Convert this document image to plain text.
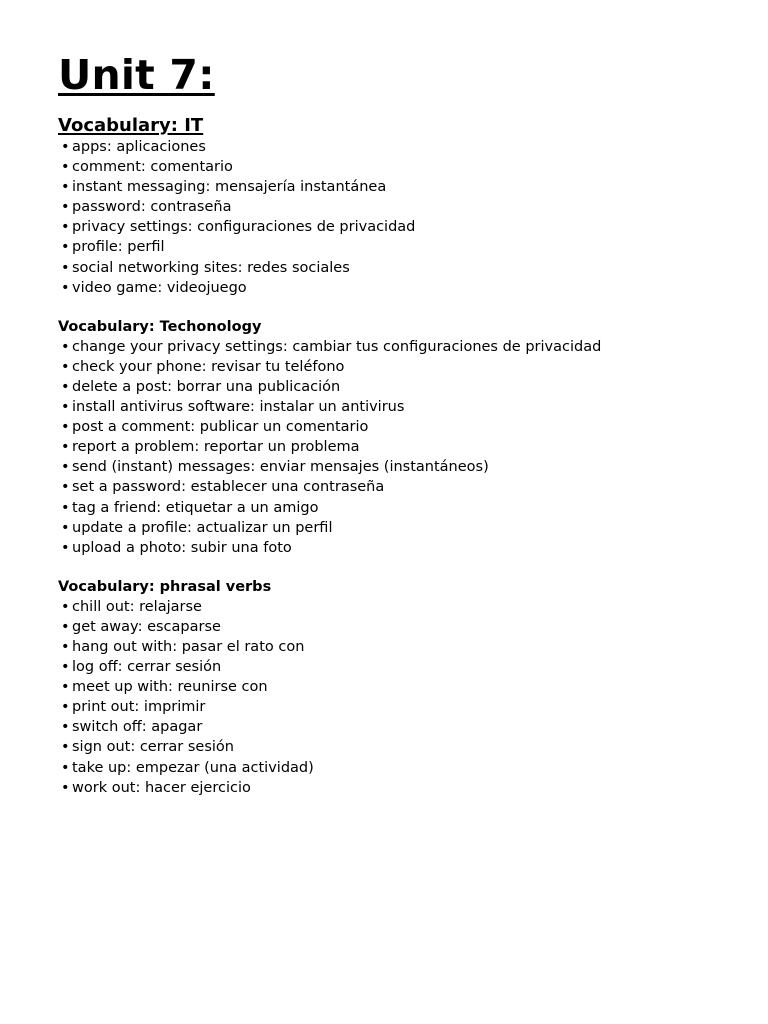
Unit 7:
Vocabulary: IT
• apps: aplicaciones
• comment: comentario
• instant messaging: mensajería instantánea
• password: contraseña
• privacy settings: configuraciones de privacidad
• profile: perfil
• social networking sites: redes sociales
• video game: videojuego
Vocabulary: Techonology
• change your privacy settings: cambiar tus configuraciones de privacidad
• check your phone: revisar tu teléfono
• delete a post: borrar una publicación
• install antivirus software: instalar un antivirus
• post a comment: publicar un comentario
• report a problem: reportar un problema
• send (instant) messages: enviar mensajes (instantáneos)
• set a password: establecer una contraseña
• tag a friend: etiquetar a un amigo
• update a profile: actualizar un perfil
• upload a photo: subir una foto
Vocabulary: phrasal verbs
• chill out: relajarse
• get away: escaparse
• hang out with: pasar el rato con
• log off: cerrar sesión
• meet up with: reunirse con
• print out: imprimir
• switch off: apagar
• sign out: cerrar sesión
• take up: empezar (una actividad)
• work out: hacer ejercicio
